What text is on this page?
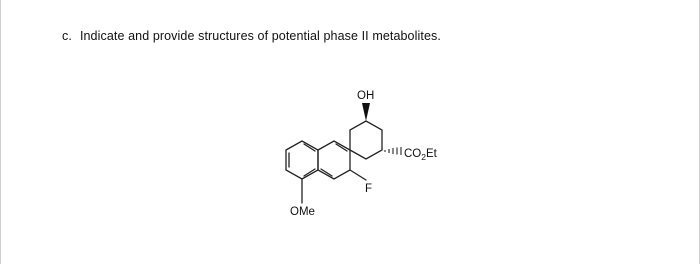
c. Indicate and provide structures of potential phase II metabolites.
OH
$CO_2Et$
F
OMe
